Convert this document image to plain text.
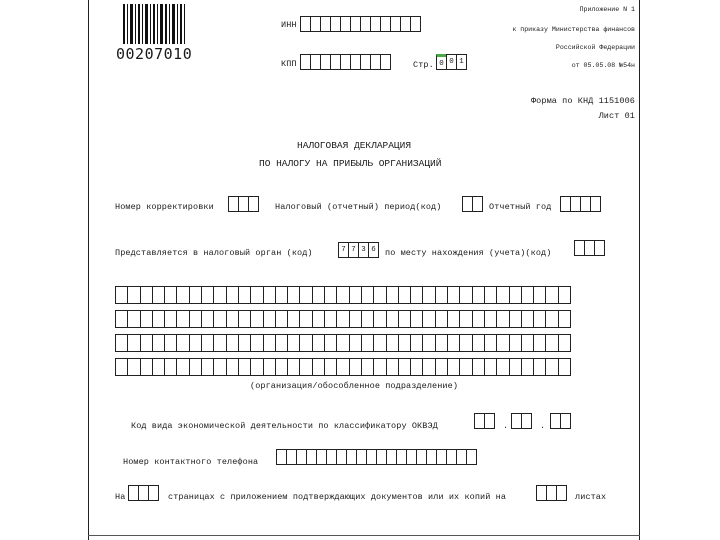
00207010
ИНН
КПП	Стр. 0 0 1
Приложение N 1
к приказу Министерства финансов
Российской Федерации
от 05.05.08 №54н
Форма по КНД 1151006
Лист 01
НАЛОГОВАЯ ДЕКЛАРАЦИЯ
ПО НАЛОГУ НА ПРИБЫЛЬ ОРГАНИЗАЦИЙ
Номер корректировки	Налоговый (отчетный) период(код)	Отчетный год
Представляется в налоговый орган (код)	7 7 3 6	по месту нахождения (учета)(код)
(организация/обособленное подразделение)
Код вида экономической деятельности по классификатору ОКВЭД	.	.
Номер контактного телефона
На	страницах с приложением подтверждающих документов или их копий на	листах
